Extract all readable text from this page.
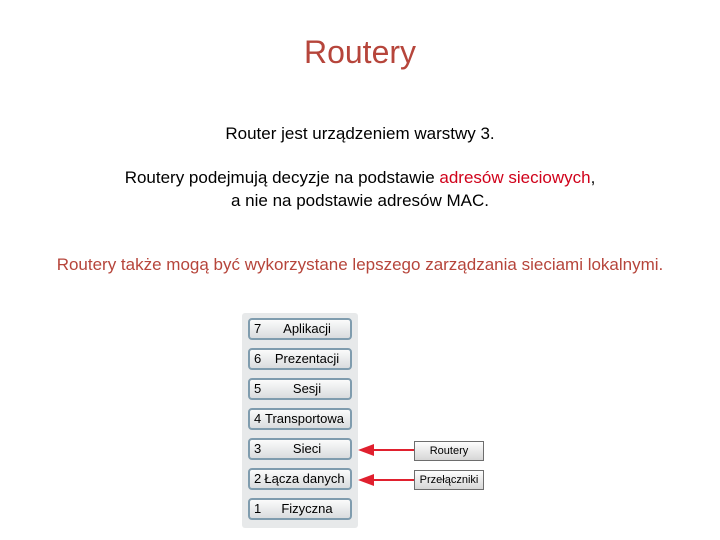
Routery
Router jest urządzeniem warstwy 3.
Routery podejmują decyzje na podstawie adresów sieciowych,
a nie na podstawie adresów MAC.
Routery także mogą być wykorzystane lepszego zarządzania sieciami lokalnymi.
7	Aplikacji
6	Prezentacji
5	Sesji
4 Transportowa
3	Sieci
2 Łącza danych
1	Fizyczna
Routery
Przełączniki
